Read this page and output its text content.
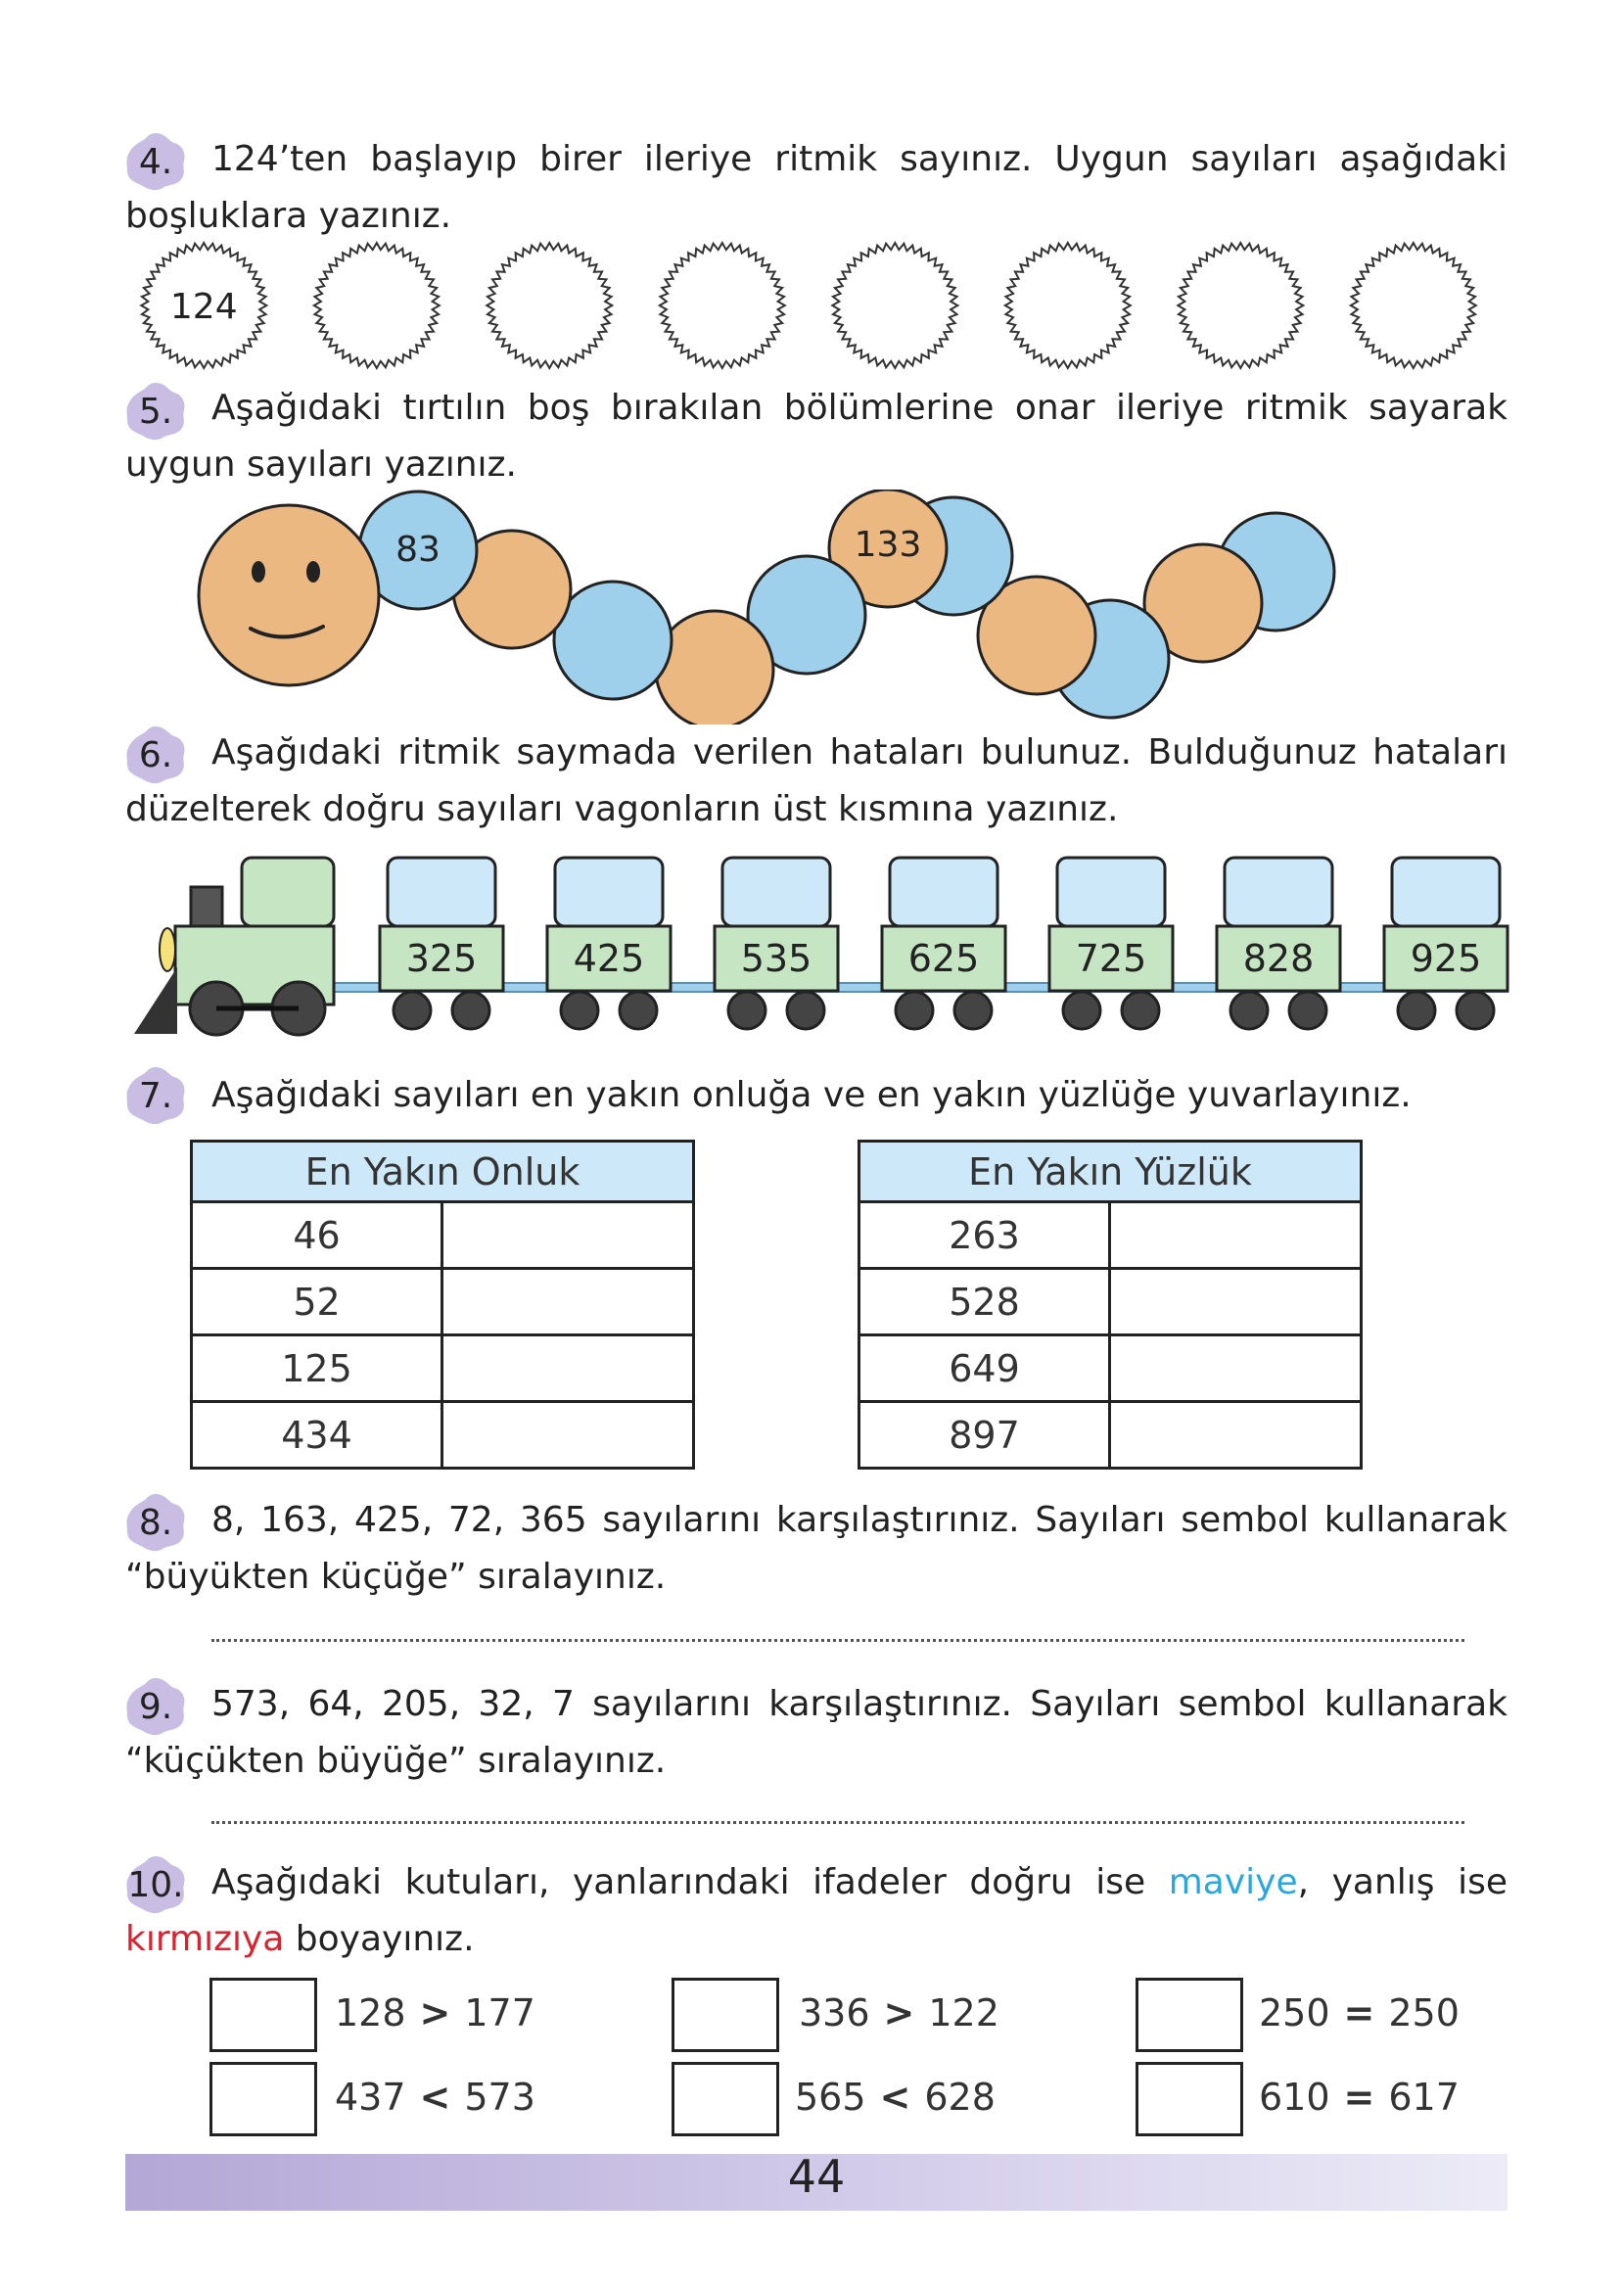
4.	124’ten başlayıp birer ileriye ritmik sayınız. Uygun sayıları aşağıdaki boşluklara yazınız.
124
5.	Aşağıdaki tırtılın boş bırakılan bölümlerine onar ileriye ritmik sayarak uygun sayıları yazınız.
83	133
6.	Aşağıdaki ritmik saymada verilen hataları bulunuz. Bulduğunuz hataları düzelterek doğru sayıları vagonların üst kısmına yazınız.
325	425	535	625	725	828	925
7.	Aşağıdaki sayıları en yakın onluğa ve en yakın yüzlüğe yuvarlayınız.
En Yakın Onluk	
46	
52	
125	
434	
En Yakın Yüzlük	
263	
528	
649	
897	
8.	8, 163, 425, 72, 365 sayılarını karşılaştırınız. Sayıları sembol kullanarak “büyükten küçüğe” sıralayınız.
9.	573, 64, 205, 32, 7 sayılarını karşılaştırınız. Sayıları sembol kullanarak “küçükten büyüğe” sıralayınız.
10. Aşağıdaki kutuları, yanlarındaki ifadeler doğru ise maviye, yanlış ise kırmızıya boyayınız.
128 > 177	336 > 122	250 = 250
437 < 573	565 < 628	610 = 617
44
